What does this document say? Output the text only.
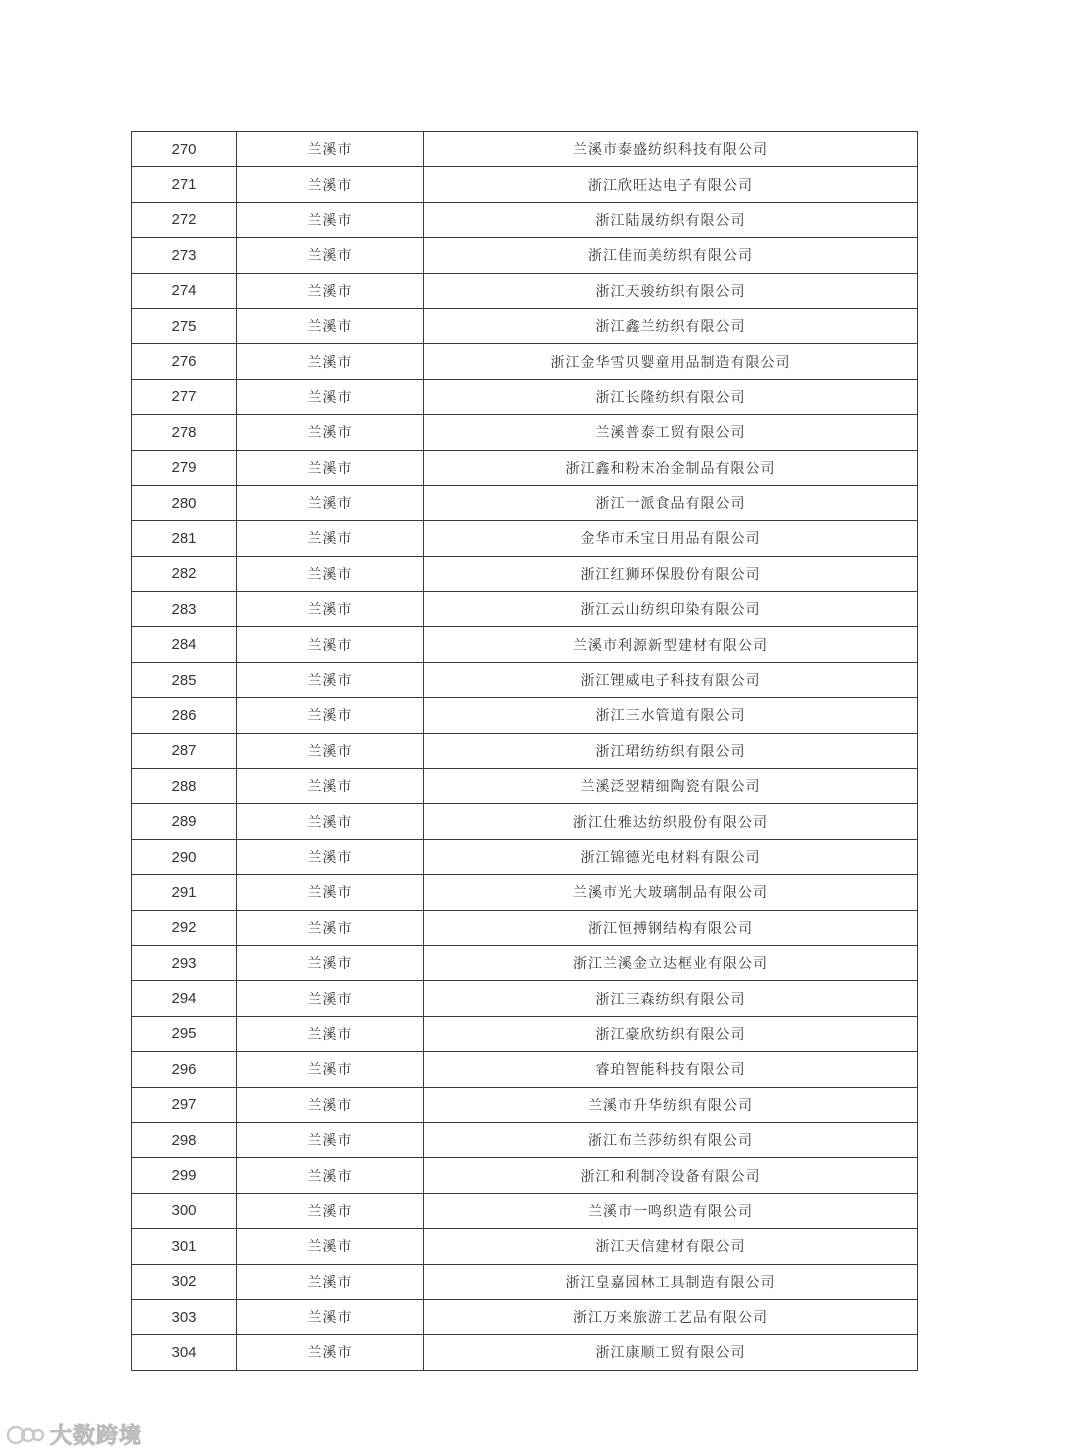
270	兰溪市	兰溪市泰盛纺织科技有限公司
271	兰溪市	浙江欣旺达电子有限公司
272	兰溪市	浙江陆晟纺织有限公司
273	兰溪市	浙江佳而美纺织有限公司
274	兰溪市	浙江天骏纺织有限公司
275	兰溪市	浙江鑫兰纺织有限公司
276	兰溪市	浙江金华雪贝婴童用品制造有限公司
277	兰溪市	浙江长隆纺织有限公司
278	兰溪市	兰溪普泰工贸有限公司
279	兰溪市	浙江鑫和粉末冶金制品有限公司
280	兰溪市	浙江一派食品有限公司
281	兰溪市	金华市禾宝日用品有限公司
282	兰溪市	浙江红狮环保股份有限公司
283	兰溪市	浙江云山纺织印染有限公司
284	兰溪市	兰溪市利源新型建材有限公司
285	兰溪市	浙江锂威电子科技有限公司
286	兰溪市	浙江三水管道有限公司
287	兰溪市	浙江珺纺纺织有限公司
288	兰溪市	兰溪泛翌精细陶瓷有限公司
289	兰溪市	浙江仕雅达纺织股份有限公司
290	兰溪市	浙江锦德光电材料有限公司
291	兰溪市	兰溪市光大玻璃制品有限公司
292	兰溪市	浙江恒搏钢结构有限公司
293	兰溪市	浙江兰溪金立达框业有限公司
294	兰溪市	浙江三森纺织有限公司
295	兰溪市	浙江豪欣纺织有限公司
296	兰溪市	睿珀智能科技有限公司
297	兰溪市	兰溪市升华纺织有限公司
298	兰溪市	浙江布兰莎纺织有限公司
299	兰溪市	浙江和利制冷设备有限公司
300	兰溪市	兰溪市一鸣织造有限公司
301	兰溪市	浙江天信建材有限公司
302	兰溪市	浙江皇嘉园林工具制造有限公司
303	兰溪市	浙江万来旅游工艺品有限公司
304	兰溪市	浙江康顺工贸有限公司
大数跨境
